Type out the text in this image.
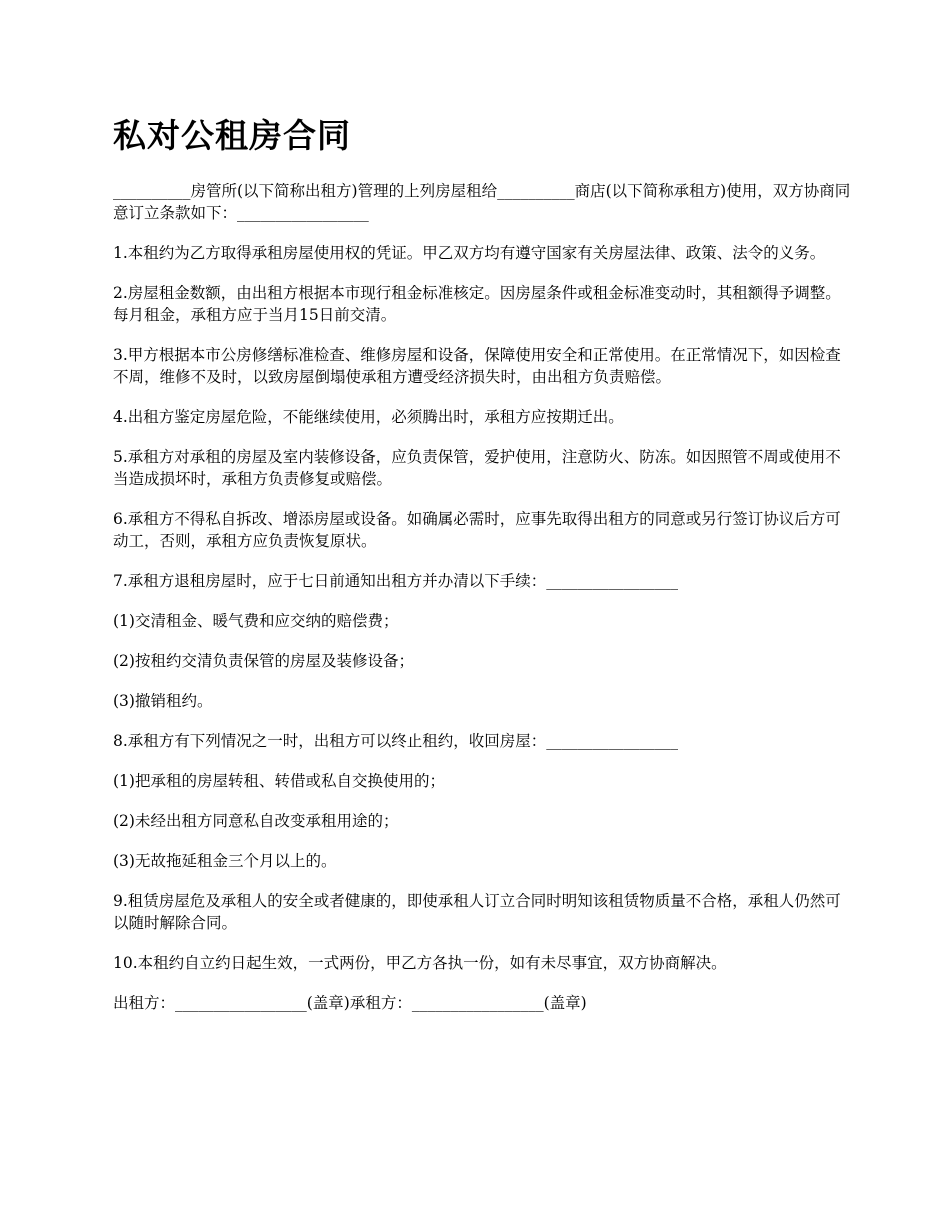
私对公租房合同

__________房管所(以下简称出租方)管理的上列房屋租给__________商店(以下简称承租方)使用，双方协商同意订立条款如下：_________________

1.本租约为乙方取得承租房屋使用权的凭证。甲乙双方均有遵守国家有关房屋法律、政策、法令的义务。

2.房屋租金数额，由出租方根据本市现行租金标准核定。因房屋条件或租金标准变动时，其租额得予调整。每月租金，承租方应于当月15日前交清。

3.甲方根据本市公房修缮标准检查、维修房屋和设备，保障使用安全和正常使用。在正常情况下，如因检查不周，维修不及时，以致房屋倒塌使承租方遭受经济损失时，由出租方负责赔偿。

4.出租方鉴定房屋危险，不能继续使用，必须腾出时，承租方应按期迁出。

5.承租方对承租的房屋及室内装修设备，应负责保管，爱护使用，注意防火、防冻。如因照管不周或使用不当造成损坏时，承租方负责修复或赔偿。

6.承租方不得私自拆改、增添房屋或设备。如确属必需时，应事先取得出租方的同意或另行签订协议后方可动工，否则，承租方应负责恢复原状。

7.承租方退租房屋时，应于七日前通知出租方并办清以下手续：_________________

(1)交清租金、暖气费和应交纳的赔偿费；

(2)按租约交清负责保管的房屋及装修设备；

(3)撤销租约。

8.承租方有下列情况之一时，出租方可以终止租约，收回房屋：_________________

(1)把承租的房屋转租、转借或私自交换使用的；

(2)未经出租方同意私自改变承租用途的；

(3)无故拖延租金三个月以上的。

9.租赁房屋危及承租人的安全或者健康的，即使承租人订立合同时明知该租赁物质量不合格，承租人仍然可以随时解除合同。

10.本租约自立约日起生效，一式两份，甲乙方各执一份，如有未尽事宜，双方协商解决。

出租方：_________________(盖章)承租方：_________________(盖章)
